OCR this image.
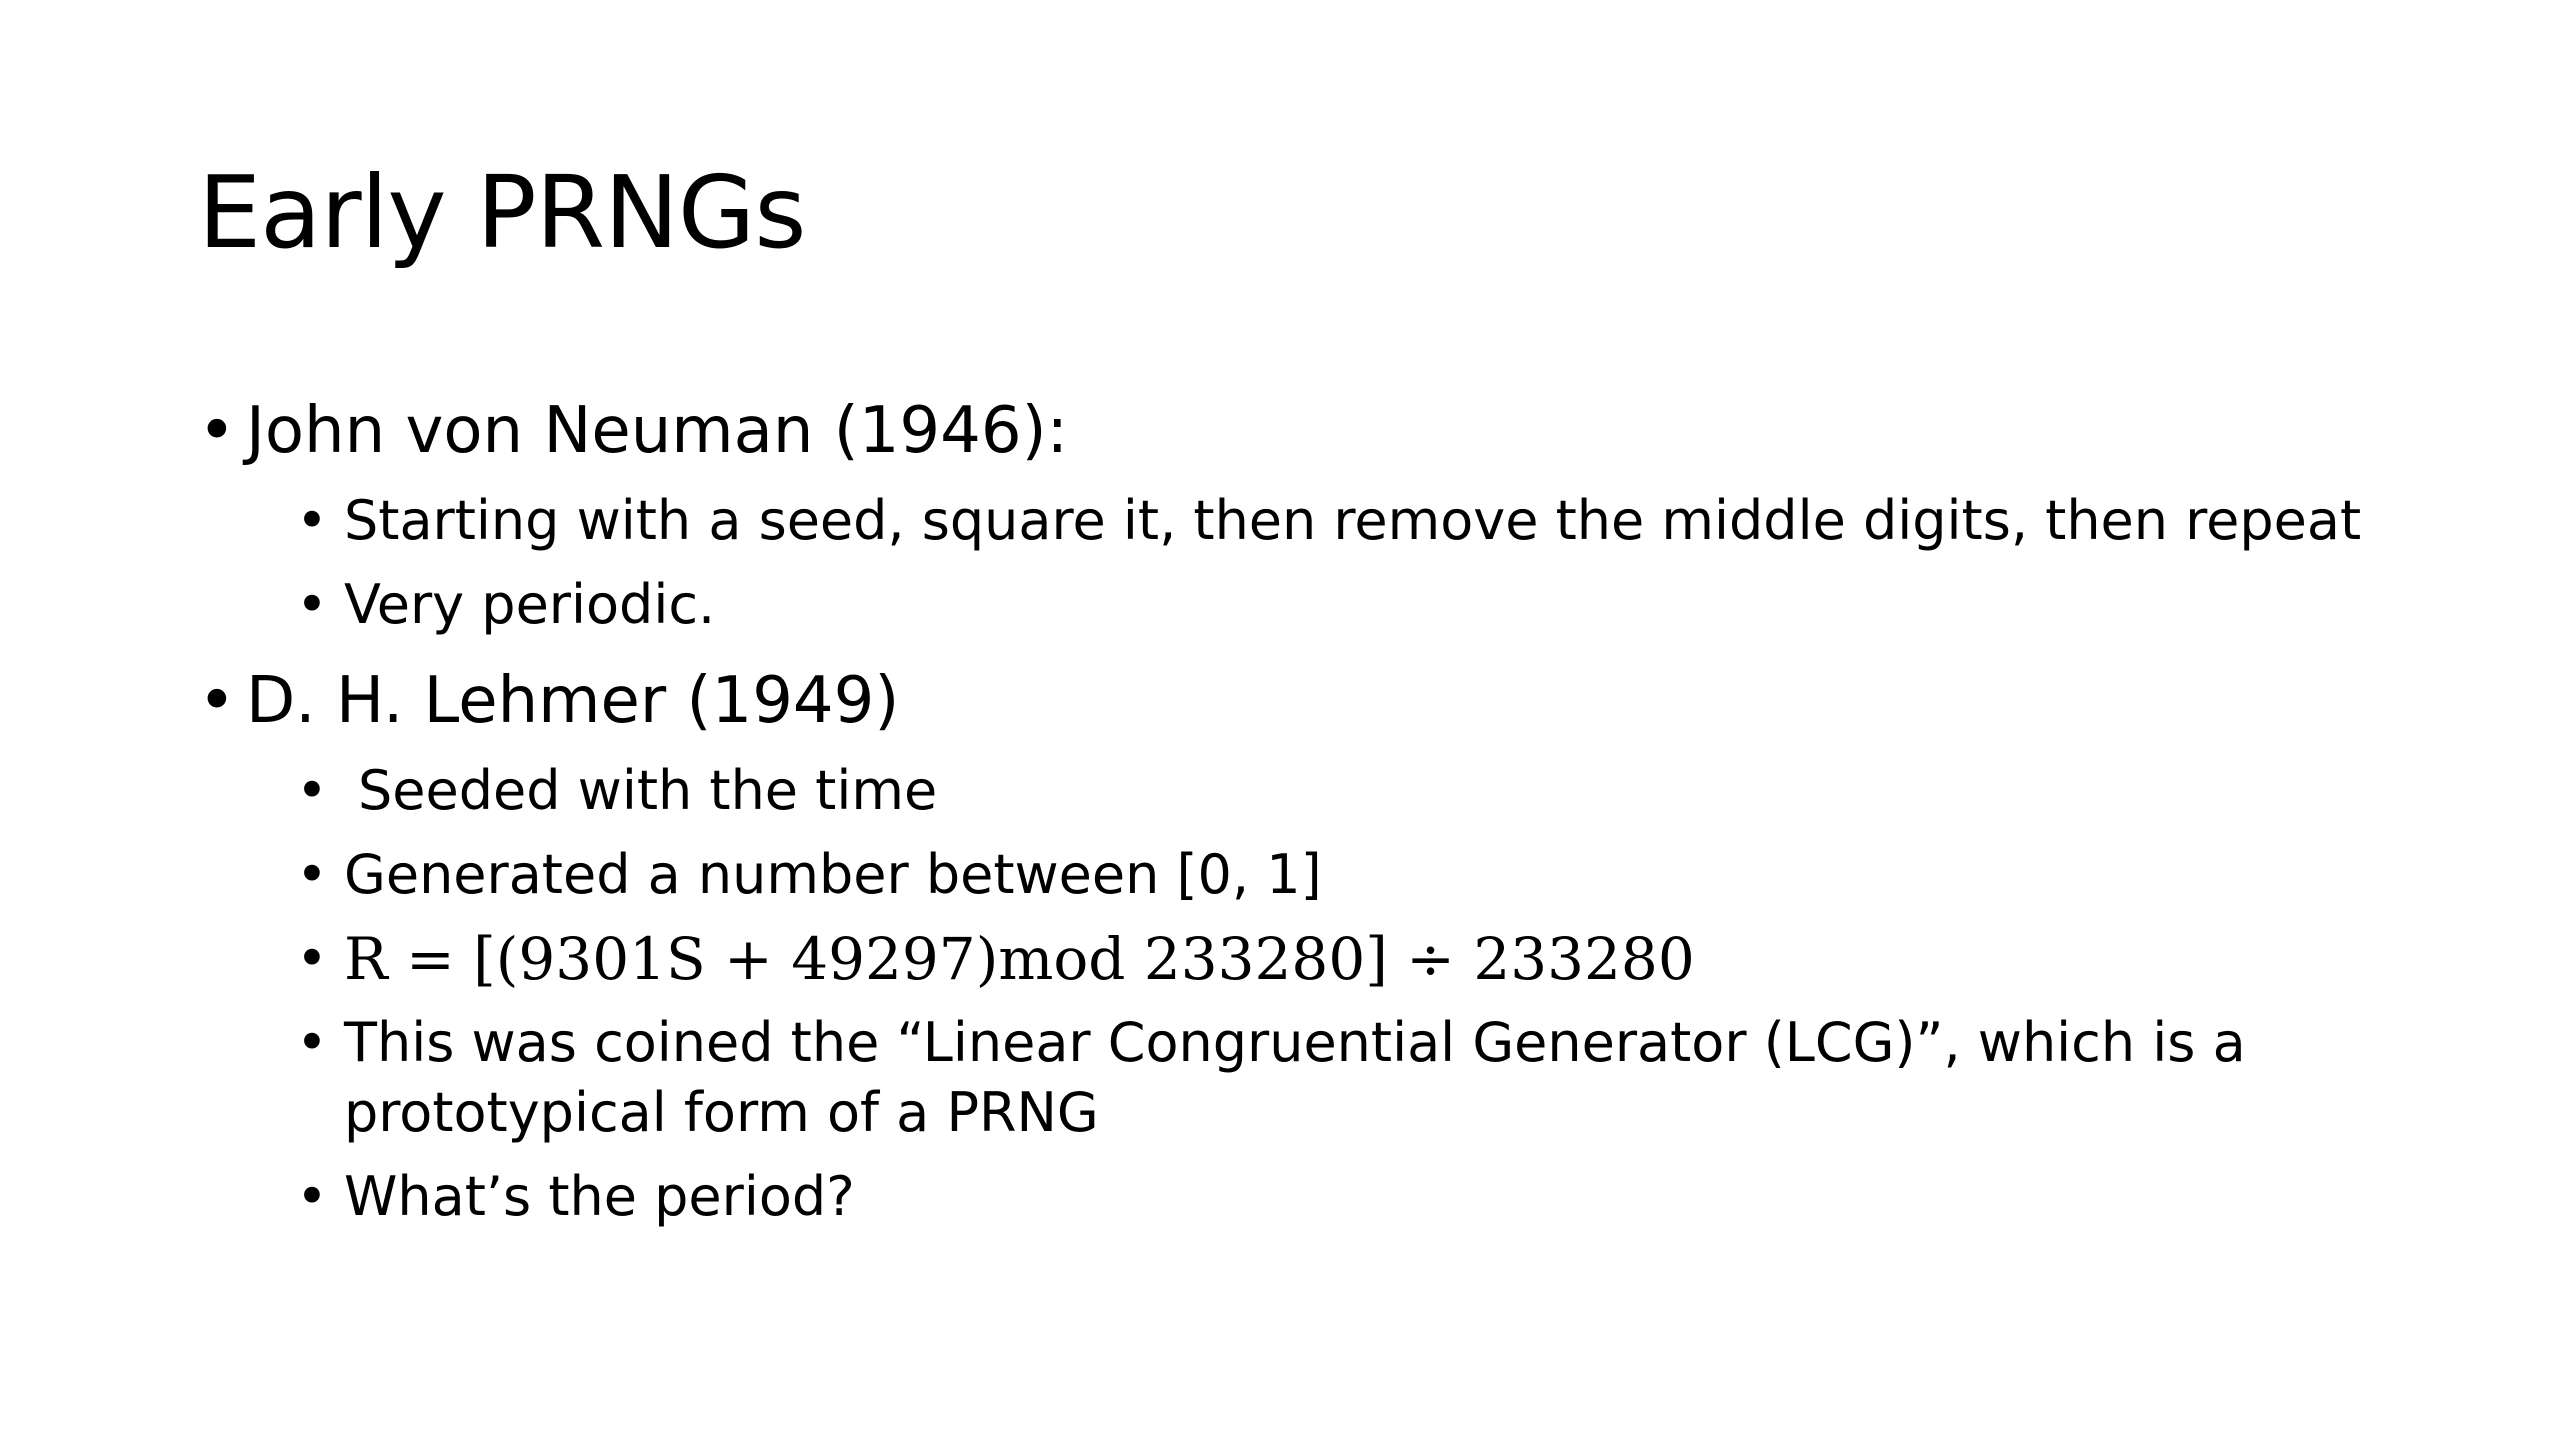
Early PRNGs
• John von Neuman (1946):
• Starting with a seed, square it, then remove the middle digits, then repeat
• Very periodic.
• D. H. Lehmer (1949)
• Seeded with the time
• Generated a number between [0, 1]
• R = [(9301S + 49297)mod 233280] ÷ 233280
• This was coined the “Linear Congruential Generator (LCG)”, which is a prototypical form of a PRNG
• What’s the period?
